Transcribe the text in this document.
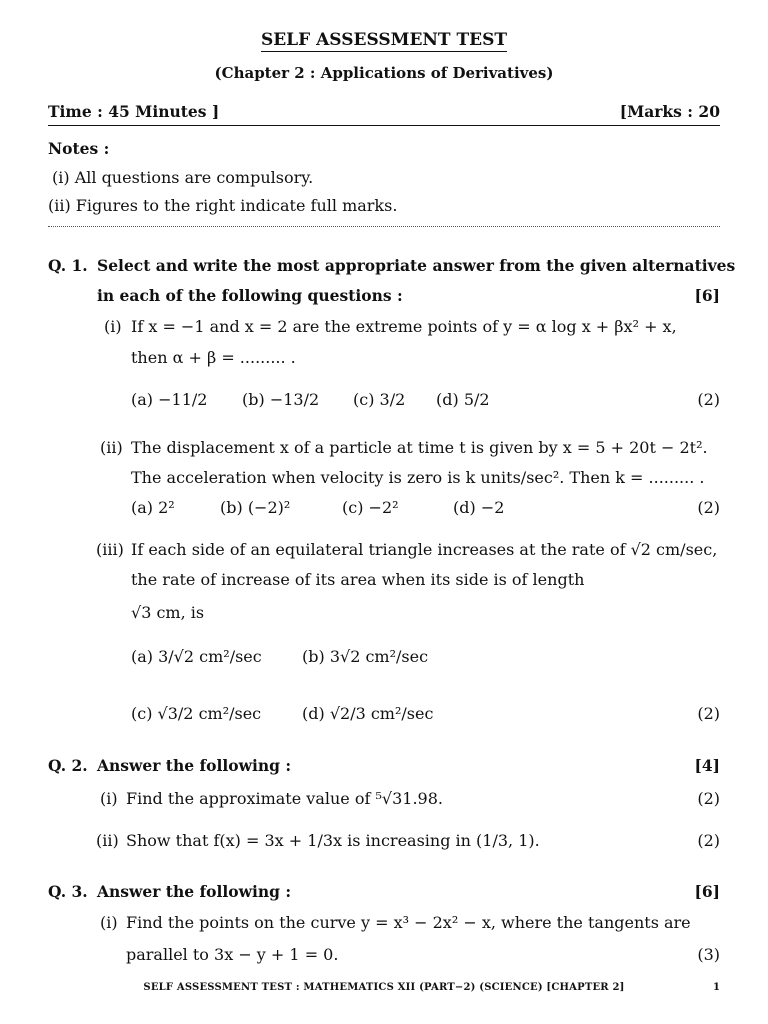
SELF ASSESSMENT TEST
(Chapter 2 : Applications of Derivatives)
Time : 45 Minutes ]	[Marks : 20
Notes :
(i) All questions are compulsory.
(ii) Figures to the right indicate full marks.
Q. 1. Select and write the most appropriate answer from the given alternatives
in each of the following questions :	[6]
(i) If x = −1 and x = 2 are the extreme points of y = α log x + βx² + x,
then α + β = ......... .
(a) −11/2 (b) −13/2 (c) 3/2 (d) 5/2	(2)
(ii) The displacement x of a particle at time t is given by x = 5 + 20t − 2t².
The acceleration when velocity is zero is k units/sec². Then k = ......... .
(a) 2²	(b) (−2)²	(c) −2²	(d) −2	(2)
(iii) If each side of an equilateral triangle increases at the rate of √2 cm/sec,
the rate of increase of its area when its side is of length
√3 cm, is
(a) 3/√2 cm²/sec	(b) 3√2 cm²/sec
(c) √3/2 cm²/sec	(d) √2/3 cm²/sec	(2)
Q. 2. Answer the following :	[4]
(i) Find the approximate value of ⁵√31.98.	(2)
(ii) Show that f(x) = 3x + 1/3x is increasing in (1/3, 1).	(2)
Q. 3. Answer the following :	[6]
(i) Find the points on the curve y = x³ − 2x² − x, where the tangents are
parallel to 3x − y + 1 = 0.	(3)
SELF ASSESSMENT TEST : MATHEMATICS XII (PART−2) (SCIENCE) [CHAPTER 2]	1
